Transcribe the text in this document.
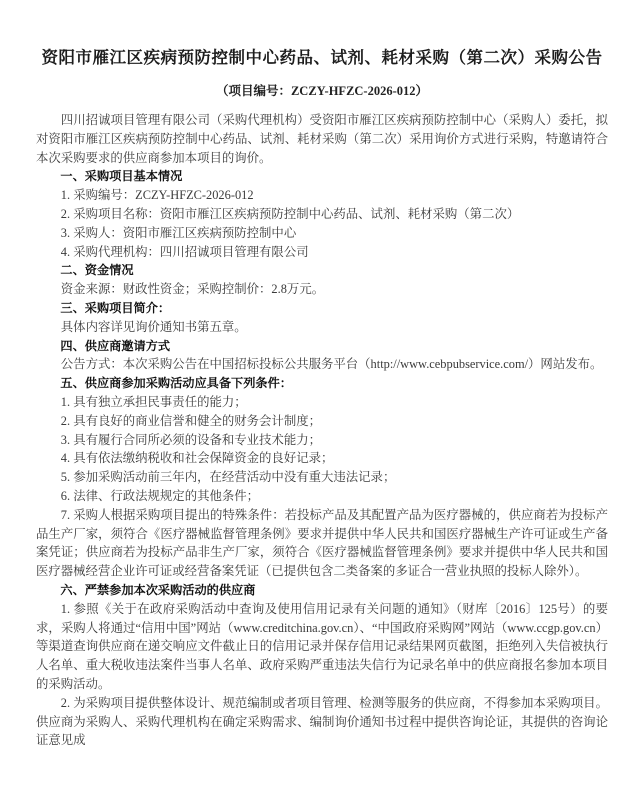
资阳市雁江区疾病预防控制中心药品、试剂、耗材采购（第二次）采购公告
（项目编号：ZCZY-HFZC-2026-012）

四川招诚项目管理有限公司（采购代理机构）受资阳市雁江区疾病预防控制中心（采购人）委托，拟对资阳市雁江区疾病预防控制中心药品、试剂、耗材采购（第二次）采用询价方式进行采购，特邀请符合本次采购要求的供应商参加本项目的询价。

一、采购项目基本情况

1. 采购编号：ZCZY-HFZC-2026-012

2. 采购项目名称：资阳市雁江区疾病预防控制中心药品、试剂、耗材采购（第二次）

3. 采购人：资阳市雁江区疾病预防控制中心

4. 采购代理机构：四川招诚项目管理有限公司

二、资金情况

资金来源：财政性资金；采购控制价：2.8万元。

三、采购项目简介：

具体内容详见询价通知书第五章。

四、供应商邀请方式

公告方式：本次采购公告在中国招标投标公共服务平台（http://www.cebpubservice.com/）网站发布。

五、供应商参加采购活动应具备下列条件：

1. 具有独立承担民事责任的能力；

2. 具有良好的商业信誉和健全的财务会计制度；

3. 具有履行合同所必须的设备和专业技术能力；

4. 具有依法缴纳税收和社会保障资金的良好记录；

5. 参加采购活动前三年内，在经营活动中没有重大违法记录；

6. 法律、行政法规规定的其他条件；

7. 采购人根据采购项目提出的特殊条件：若投标产品及其配置产品为医疗器械的，供应商若为投标产品生产厂家，须符合《医疗器械监督管理条例》要求并提供中华人民共和国医疗器械生产许可证或生产备案凭证；供应商若为投标产品非生产厂家，须符合《医疗器械监督管理条例》要求并提供中华人民共和国医疗器械经营企业许可证或经营备案凭证（已提供包含二类备案的多证合一营业执照的投标人除外）。

六、严禁参加本次采购活动的供应商

1. 参照《关于在政府采购活动中查询及使用信用记录有关问题的通知》（财库〔2016〕125号）的要求，采购人将通过“信用中国”网站（www.creditchina.gov.cn）、“中国政府采购网”网站（www.ccgp.gov.cn）等渠道查询供应商在递交响应文件截止日的信用记录并保存信用记录结果网页截图，拒绝列入失信被执行人名单、重大税收违法案件当事人名单、政府采购严重违法失信行为记录名单中的供应商报名参加本项目的采购活动。

2. 为采购项目提供整体设计、规范编制或者项目管理、检测等服务的供应商，不得参加本采购项目。供应商为采购人、采购代理机构在确定采购需求、编制询价通知书过程中提供咨询论证，其提供的咨询论证意见成
